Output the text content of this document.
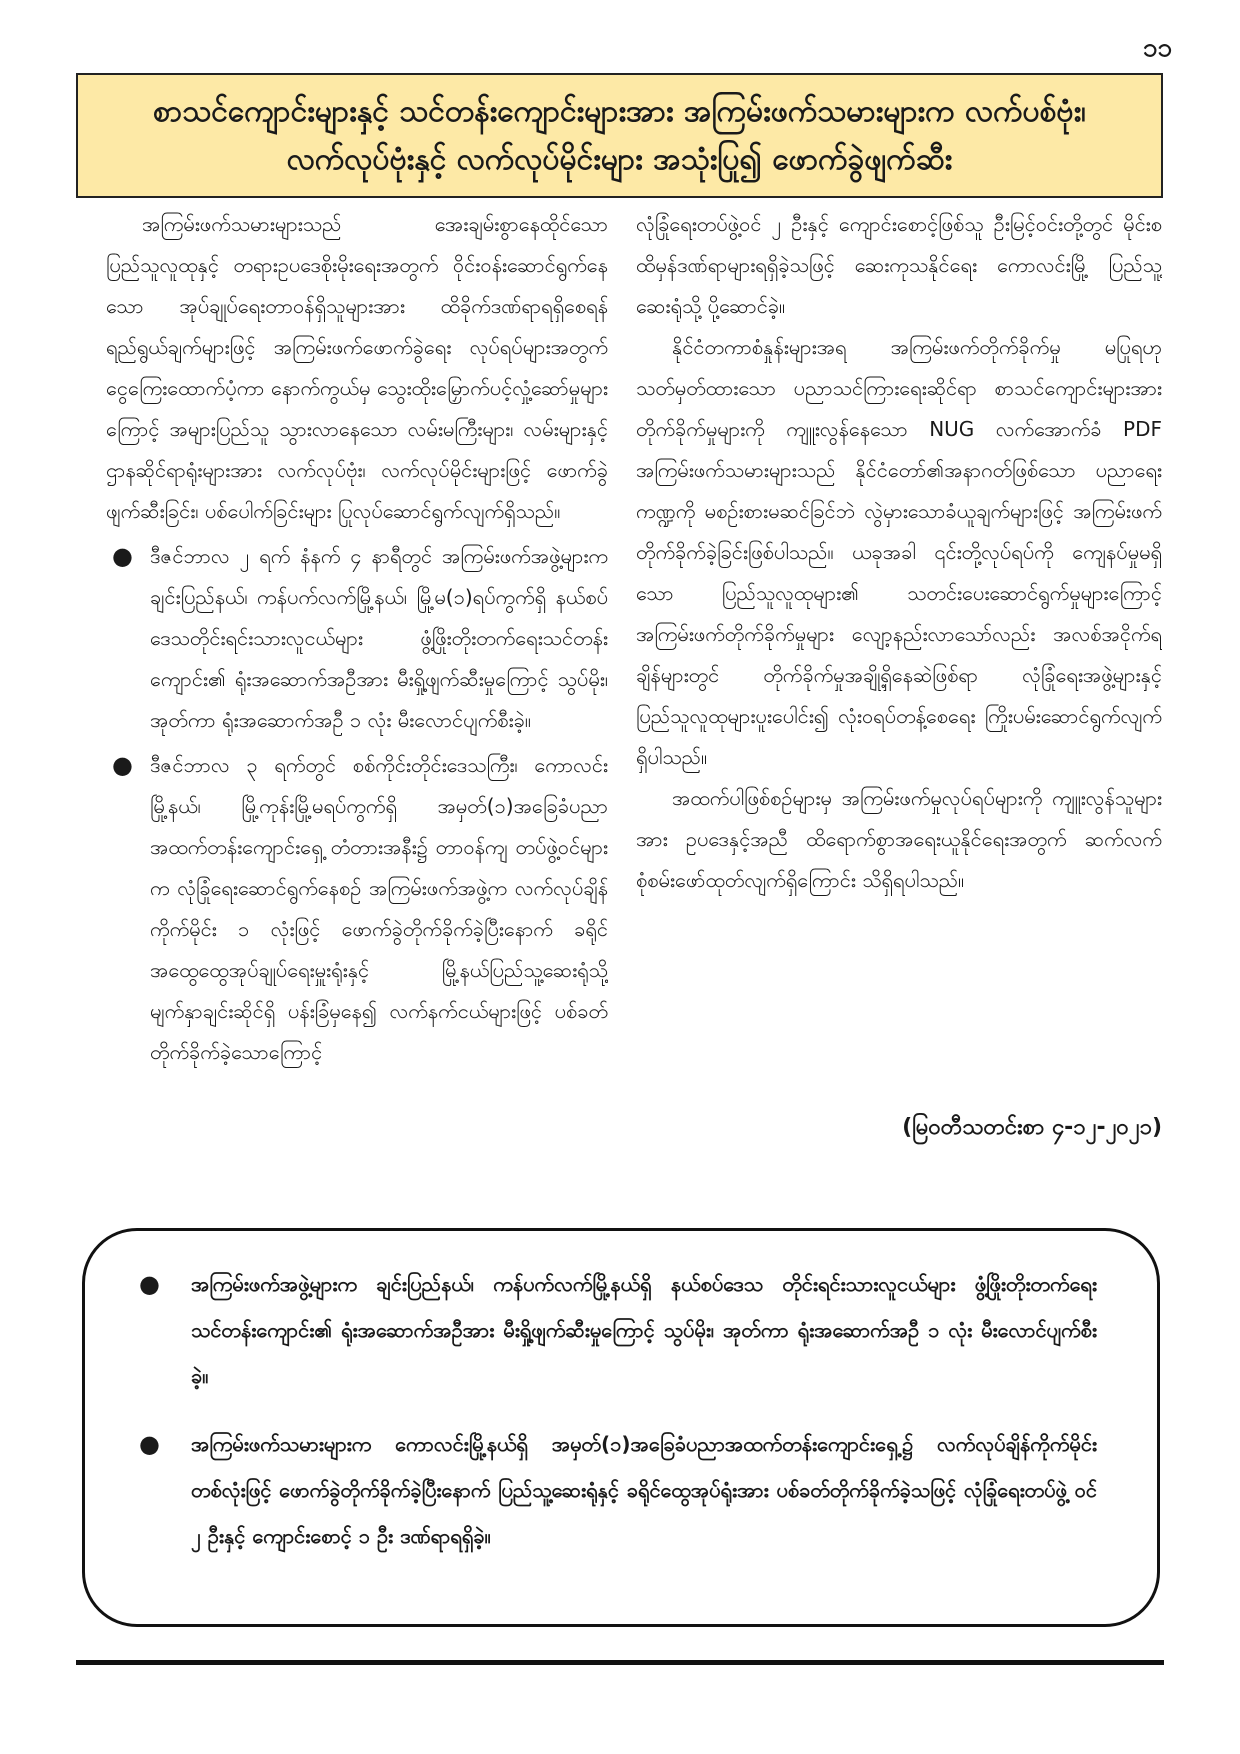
၁၁
စာသင်ကျောင်းများနှင့် သင်တန်းကျောင်းများအား အကြမ်းဖက်သမားများက လက်ပစ်ဗုံး၊
လက်လုပ်ဗုံးနှင့် လက်လုပ်မိုင်းများ အသုံးပြု၍ ဖောက်ခွဲဖျက်ဆီး

အကြမ်းဖက်သမားများသည် အေးချမ်းစွာနေထိုင်သော ပြည်သူလူထုနှင့် တရားဥပဒေစိုးမိုးရေးအတွက် ဝိုင်းဝန်းဆောင်ရွက်နေသော အုပ်ချုပ်ရေးတာဝန်ရှိသူများအား ထိခိုက်ဒဏ်ရာရရှိစေရန် ရည်ရွယ်ချက်များဖြင့် အကြမ်းဖက်ဖောက်ခွဲရေး လုပ်ရပ်များအတွက် ငွေကြေးထောက်ပံ့ကာ နောက်ကွယ်မှ သွေးထိုးမြှောက်ပင့်လှုံ့ဆော်မှုများကြောင့် အများပြည်သူ သွားလာနေသော လမ်းမကြီးများ၊ လမ်းများနှင့် ဌာနဆိုင်ရာရုံးများအား လက်လုပ်ဗုံး၊ လက်လုပ်မိုင်းများဖြင့် ဖောက်ခွဲဖျက်ဆီးခြင်း၊ ပစ်ပေါက်ခြင်းများ ပြုလုပ်ဆောင်ရွက်လျက်ရှိသည်။

● ဒီဇင်ဘာလ ၂ ရက် နံနက် ၄ နာရီတွင် အကြမ်းဖက်အဖွဲ့များက ချင်းပြည်နယ်၊ ကန်ပက်လက်မြို့နယ်၊ မြို့မ(၁)ရပ်ကွက်ရှိ နယ်စပ်ဒေသတိုင်းရင်းသားလူငယ်များ ဖွံ့ဖြိုးတိုးတက်ရေးသင်တန်းကျောင်း၏ ရုံးအဆောက်အဦအား မီးရှို့ဖျက်ဆီးမှုကြောင့် သွပ်မိုး၊ အုတ်ကာ ရုံးအဆောက်အဦ ၁ လုံး မီးလောင်ပျက်စီးခဲ့။
● ဒီဇင်ဘာလ ၃ ရက်တွင် စစ်ကိုင်းတိုင်းဒေသကြီး၊ ကောလင်းမြို့နယ်၊ မြို့ကုန်းမြို့မရပ်ကွက်ရှိ အမှတ်(၁)အခြေခံပညာအထက်တန်းကျောင်းရှေ့ တံတားအနီး၌ တာဝန်ကျ တပ်ဖွဲ့ဝင်များက လုံခြုံရေးဆောင်ရွက်နေစဉ် အကြမ်းဖက်အဖွဲ့က လက်လုပ်ချိန်ကိုက်မိုင်း ၁ လုံးဖြင့် ဖောက်ခွဲတိုက်ခိုက်ခဲ့ပြီးနောက် ခရိုင်အထွေထွေအုပ်ချုပ်ရေးမှူးရုံးနှင့် မြို့နယ်ပြည်သူ့ဆေးရုံသို့ မျက်နှာချင်းဆိုင်ရှိ ပန်းခြံမှနေ၍ လက်နက်ငယ်များဖြင့် ပစ်ခတ်တိုက်ခိုက်ခဲ့သောကြောင့်

လုံခြုံရေးတပ်ဖွဲ့ဝင် ၂ ဦးနှင့် ကျောင်းစောင့်ဖြစ်သူ ဦးမြင့်ဝင်းတို့တွင် မိုင်းစထိမှန်ဒဏ်ရာများရရှိခဲ့သဖြင့် ဆေးကုသနိုင်ရေး ကောလင်းမြို့ ပြည်သူ့ဆေးရုံသို့ ပို့ဆောင်ခဲ့။

နိုင်ငံတကာစံနှုန်းများအရ အကြမ်းဖက်တိုက်ခိုက်မှု မပြုရဟု သတ်မှတ်ထားသော ပညာသင်ကြားရေးဆိုင်ရာ စာသင်ကျောင်းများအား တိုက်ခိုက်မှုများကို ကျူးလွန်နေသော NUG လက်အောက်ခံ PDF အကြမ်းဖက်သမားများသည် နိုင်ငံတော်၏အနာဂတ်ဖြစ်သော ပညာရေးကဏ္ဍကို မစဉ်းစားမဆင်ခြင်ဘဲ လွဲမှားသောခံယူချက်များဖြင့် အကြမ်းဖက်တိုက်ခိုက်ခဲ့ခြင်းဖြစ်ပါသည်။ ယခုအခါ ၎င်းတို့လုပ်ရပ်ကို ကျေနပ်မှုမရှိသော ပြည်သူလူထုများ၏ သတင်းပေးဆောင်ရွက်မှုများကြောင့် အကြမ်းဖက်တိုက်ခိုက်မှုများ လျော့နည်းလာသော်လည်း အလစ်အငိုက်ရချိန်များတွင် တိုက်ခိုက်မှုအချို့ရှိနေဆဲဖြစ်ရာ လုံခြုံရေးအဖွဲ့များနှင့် ပြည်သူလူထုများပူးပေါင်း၍ လုံးဝရပ်တန့်စေရေး ကြိုးပမ်းဆောင်ရွက်လျက်ရှိပါသည်။

အထက်ပါဖြစ်စဉ်များမှ အကြမ်းဖက်မှုလုပ်ရပ်များကို ကျူးလွန်သူများအား ဥပဒေနှင့်အညီ ထိရောက်စွာအရေးယူနိုင်ရေးအတွက် ဆက်လက်စုံစမ်းဖော်ထုတ်လျက်ရှိကြောင်း သိရှိရပါသည်။

(မြဝတီသတင်းစာ ၄-၁၂-၂၀၂၁)
● အကြမ်းဖက်အဖွဲ့များက ချင်းပြည်နယ်၊ ကန်ပက်လက်မြို့နယ်ရှိ နယ်စပ်ဒေသ တိုင်းရင်းသားလူငယ်များ ဖွံ့ဖြိုးတိုးတက်ရေးသင်တန်းကျောင်း၏ ရုံးအဆောက်အဦအား မီးရှို့ဖျက်ဆီးမှုကြောင့် သွပ်မိုး၊ အုတ်ကာ ရုံးအဆောက်အဦ ၁ လုံး မီးလောင်ပျက်စီးခဲ့။
● အကြမ်းဖက်သမားများက ကောလင်းမြို့နယ်ရှိ အမှတ်(၁)အခြေခံပညာအထက်တန်းကျောင်းရှေ့၌ လက်လုပ်ချိန်ကိုက်မိုင်းတစ်လုံးဖြင့် ဖောက်ခွဲတိုက်ခိုက်ခဲ့ပြီးနောက် ပြည်သူ့ဆေးရုံနှင့် ခရိုင်ထွေအုပ်ရုံးအား ပစ်ခတ်တိုက်ခိုက်ခဲ့သဖြင့် လုံခြုံရေးတပ်ဖွဲ့ ဝင် ၂ ဦးနှင့် ကျောင်းစောင့် ၁ ဦး ဒဏ်ရာရရှိခဲ့။
